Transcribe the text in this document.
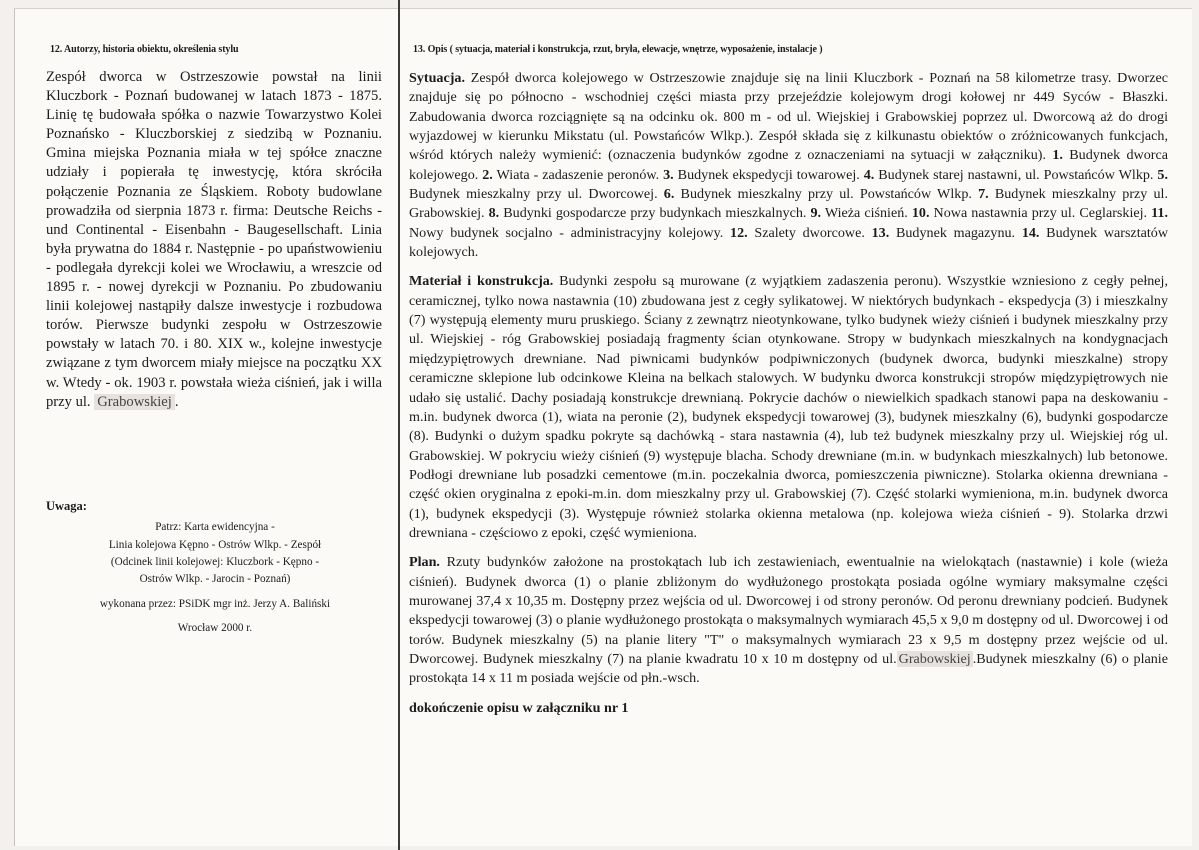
12. Autorzy, historia obiektu, określenia stylu
Zespół dworca w Ostrzeszowie powstał na linii Kluczbork - Poznań budowanej w latach 1873 - 1875. Linię tę budowała spółka o nazwie Towarzystwo Kolei Poznańsko - Kluczborskiej z siedzibą w Poznaniu. Gmina miejska Poznania miała w tej spółce znaczne udziały i popierała tę inwestycję, która skróciła połączenie Poznania ze Śląskiem. Roboty budowlane prowadziła od sierpnia 1873 r. firma: Deutsche Reichs - und Continental - Eisenbahn - Baugesellschaft. Linia była prywatna do 1884 r. Następnie - po upaństwowieniu - podlegała dyrekcji kolei we Wrocławiu, a wreszcie od 1895 r. - nowej dyrekcji w Poznaniu. Po zbudowaniu linii kolejowej nastąpiły dalsze inwestycje i rozbudowa torów. Pierwsze budynki zespołu w Ostrzeszowie powstały w latach 70. i 80. XIX w., kolejne inwestycje związane z tym dworcem miały miejsce na początku XX w. Wtedy - ok. 1903 r. powstała wieża ciśnień, jak i willa przy ul. Grabowskiej .
Uwaga:
Patrz: Karta ewidencyjna -
Linia kolejowa Kępno - Ostrów Wlkp. - Zespół
(Odcinek linii kolejowej: Kluczbork - Kępno -
Ostrów Wlkp. - Jarocin - Poznań)
wykonana przez: PSiDK mgr inż. Jerzy A. Baliński
Wrocław 2000 r.
13. Opis ( sytuacja, materiał i konstrukcja, rzut, bryła, elewacje, wnętrze, wyposażenie, instalacje )

Sytuacja. Zespół dworca kolejowego w Ostrzeszowie znajduje się na linii Kluczbork - Poznań na 58 kilometrze trasy. Dworzec znajduje się po północno - wschodniej części miasta przy przejeździe kolejowym drogi kołowej nr 449 Syców - Błaszki. Zabudowania dworca rozciągnięte są na odcinku ok. 800 m - od ul. Wiejskiej i Grabowskiej poprzez ul. Dworcową aż do drogi wyjazdowej w kierunku Mikstatu (ul. Powstańców Wlkp.). Zespół składa się z kilkunastu obiektów o zróżnicowanych funkcjach, wśród których należy wymienić: (oznaczenia budynków zgodne z oznaczeniami na sytuacji w załączniku). 1. Budynek dworca kolejowego. 2. Wiata - zadaszenie peronów. 3. Budynek ekspedycji towarowej. 4. Budynek starej nastawni, ul. Powstańców Wlkp. 5. Budynek mieszkalny przy ul. Dworcowej. 6. Budynek mieszkalny przy ul. Powstańców Wlkp. 7. Budynek mieszkalny przy ul. Grabowskiej. 8. Budynki gospodarcze przy budynkach mieszkalnych. 9. Wieża ciśnień. 10. Nowa nastawnia przy ul. Ceglarskiej. 11. Nowy budynek socjalno - administracyjny kolejowy. 12. Szalety dworcowe. 13. Budynek magazynu. 14. Budynek warsztatów kolejowych.

Materiał i konstrukcja. Budynki zespołu są murowane (z wyjątkiem zadaszenia peronu). Wszystkie wzniesiono z cegły pełnej, ceramicznej, tylko nowa nastawnia (10) zbudowana jest z cegły sylikatowej. W niektórych budynkach - ekspedycja (3) i mieszkalny (7) występują elementy muru pruskiego. Ściany z zewnątrz nieotynkowane, tylko budynek wieży ciśnień i budynek mieszkalny przy ul. Wiejskiej - róg Grabowskiej posiadają fragmenty ścian otynkowane. Stropy w budynkach mieszkalnych na kondygnacjach międzypiętrowych drewniane. Nad piwnicami budynków podpiwniczonych (budynek dworca, budynki mieszkalne) stropy ceramiczne sklepione lub odcinkowe Kleina na belkach stalowych. W budynku dworca konstrukcji stropów międzypiętrowych nie udało się ustalić. Dachy posiadają konstrukcje drewnianą. Pokrycie dachów o niewielkich spadkach stanowi papa na deskowaniu - m.in. budynek dworca (1), wiata na peronie (2), budynek ekspedycji towarowej (3), budynek mieszkalny (6), budynki gospodarcze (8). Budynki o dużym spadku pokryte są dachówką - stara nastawnia (4), lub też budynek mieszkalny przy ul. Wiejskiej róg ul. Grabowskiej. W pokryciu wieży ciśnień (9) występuje blacha. Schody drewniane (m.in. w budynkach mieszkalnych) lub betonowe. Podłogi drewniane lub posadzki cementowe (m.in. poczekalnia dworca, pomieszczenia piwniczne). Stolarka okienna drewniana - część okien oryginalna z epoki-m.in. dom mieszkalny przy ul. Grabowskiej (7). Część stolarki wymieniona, m.in. budynek dworca (1), budynek ekspedycji (3). Występuje również stolarka okienna metalowa (np. kolejowa wieża ciśnień - 9). Stolarka drzwi drewniana - częściowo z epoki, część wymieniona.

Plan. Rzuty budynków założone na prostokątach lub ich zestawieniach, ewentualnie na wielokątach (nastawnie) i kole (wieża ciśnień). Budynek dworca (1) o planie zbliżonym do wydłużonego prostokąta posiada ogólne wymiary maksymalne części murowanej 37,4 x 10,35 m. Dostępny przez wejścia od ul. Dworcowej i od strony peronów. Od peronu drewniany podcień. Budynek ekspedycji towarowej (3) o planie wydłużonego prostokąta o maksymalnych wymiarach 45,5 x 9,0 m dostępny od ul. Dworcowej i od torów. Budynek mieszkalny (5) na planie litery "T" o maksymalnych wymiarach 23 x 9,5 m dostępny przez wejście od ul. Dworcowej. Budynek mieszkalny (7) na planie kwadratu 10 x 10 m dostępny od ul. Grabowskiej .Budynek mieszkalny (6) o planie prostokąta 14 x 11 m posiada wejście od płn.-wsch.

dokończenie opisu w załączniku nr 1
